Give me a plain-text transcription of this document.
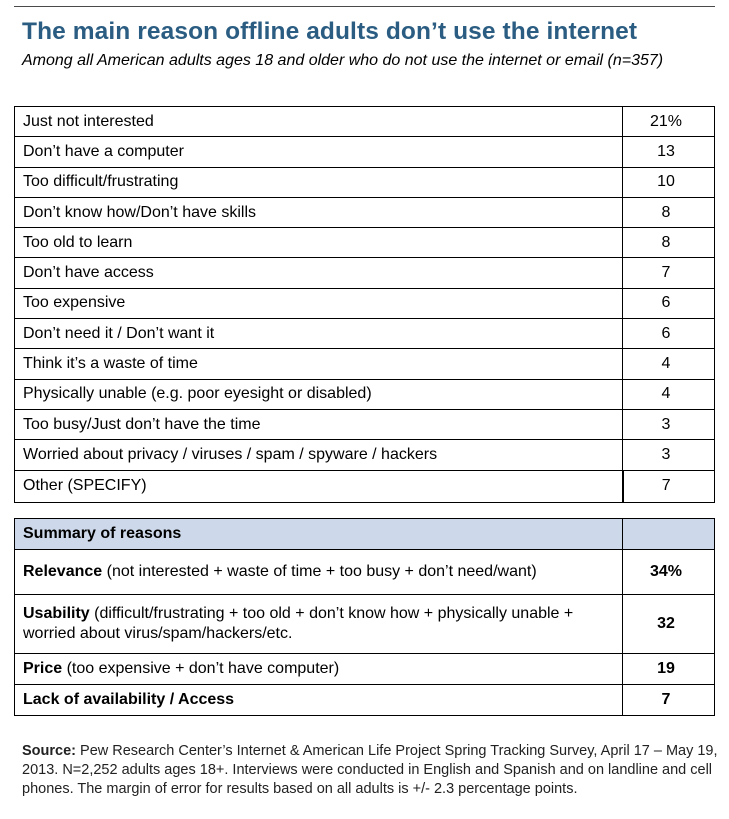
The main reason offline adults don’t use the internet
Among all American adults ages 18 and older who do not use the internet or email (n=357)
Just not interested	21%
Don’t have a computer	13
Too difficult/frustrating	10
Don’t know how/Don’t have skills	8
Too old to learn	8
Don’t have access	7
Too expensive	6
Don’t need it / Don’t want it	6
Think it’s a waste of time	4
Physically unable (e.g. poor eyesight or disabled)	4
Too busy/Just don’t have the time	3
Worried about privacy / viruses / spam / spyware / hackers	3
Other (SPECIFY)	7
Summary of reasons	
Relevance (not interested + waste of time + too busy + don’t need/want)	34%
Usability (difficult/frustrating + too old + don’t know how + physically unable + worried about virus/spam/hackers/etc.	32
Price (too expensive + don’t have computer)	19
Lack of availability / Access	7
Source: Pew Research Center’s Internet & American Life Project Spring Tracking Survey, April 17 – May 19, 2013. N=2,252 adults ages 18+. Interviews were conducted in English and Spanish and on landline and cell phones. The margin of error for results based on all adults is +/- 2.3 percentage points.
